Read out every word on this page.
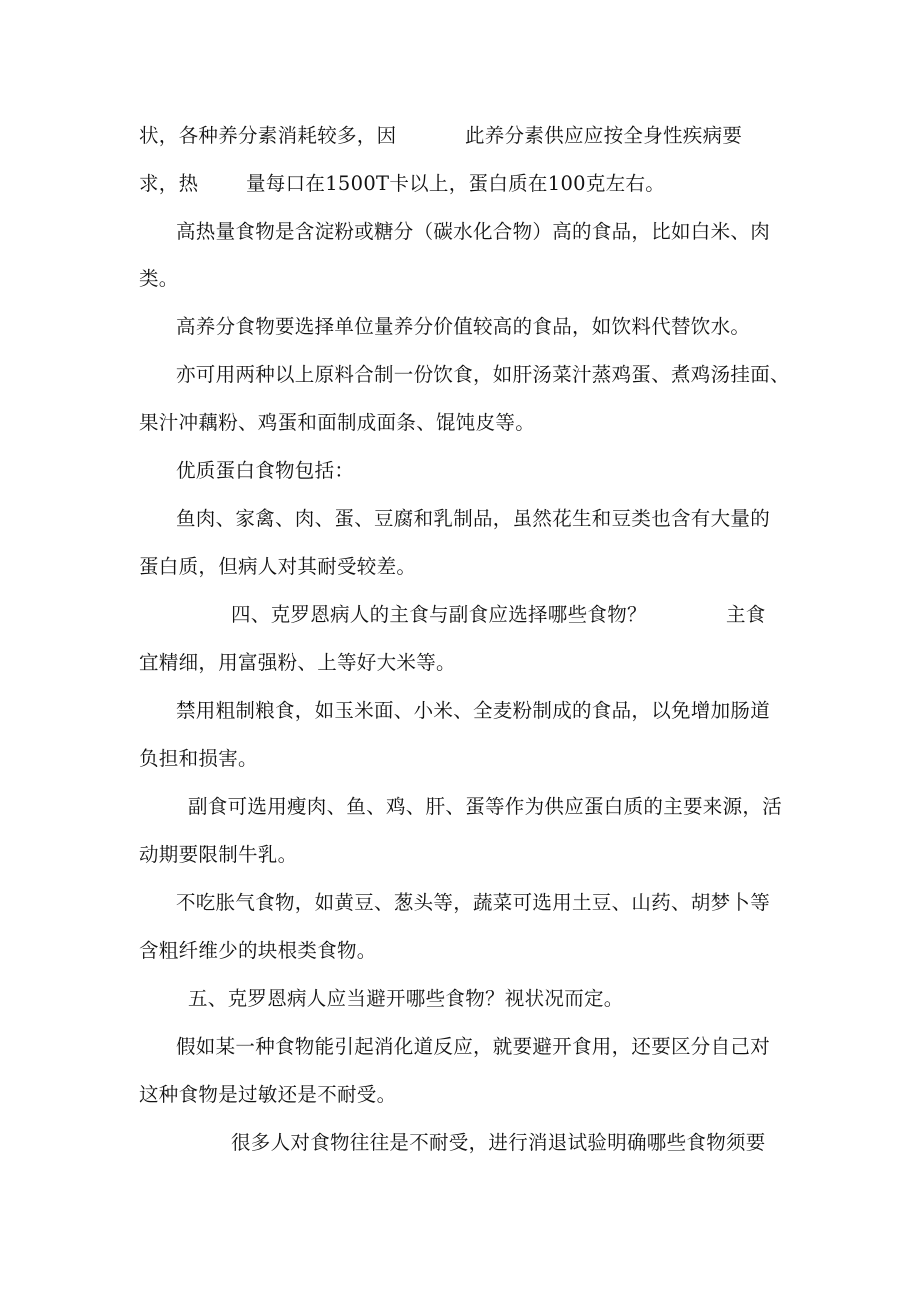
状，各种养分素消耗较多，因	此养分素供应应按全身性疾病要
求，热 量每口在1500T卡以上，蛋白质在100克左右。
高热量食物是含淀粉或糖分（碳水化合物）高的食品，比如白米、肉
类。
高养分食物要选择单位量养分价值较高的食品，如饮料代替饮水。
亦可用两种以上原料合制一份饮食，如肝汤菜汁蒸鸡蛋、煮鸡汤挂面、
果汁冲藕粉、鸡蛋和面制成面条、馄饨皮等。
优质蛋白食物包括：
鱼肉、家禽、肉、蛋、豆腐和乳制品，虽然花生和豆类也含有大量的
蛋白质，但病人对其耐受较差。
四、克罗恩病人的主食与副食应选择哪些食物？	主食
宜精细，用富强粉、上等好大米等。
禁用粗制粮食，如玉米面、小米、全麦粉制成的食品，以免增加肠道
负担和损害。
副食可选用瘦肉、鱼、鸡、肝、蛋等作为供应蛋白质的主要来源，活
动期要限制牛乳。
不吃胀气食物，如黄豆、葱头等，蔬菜可选用土豆、山药、胡梦卜等
含粗纤维少的块根类食物。
五、克罗恩病人应当避开哪些食物？视状况而定。
假如某一种食物能引起消化道反应，就要避开食用，还要区分自己对
这种食物是过敏还是不耐受。
很多人对食物往往是不耐受，进行消退试验明确哪些食物须要
